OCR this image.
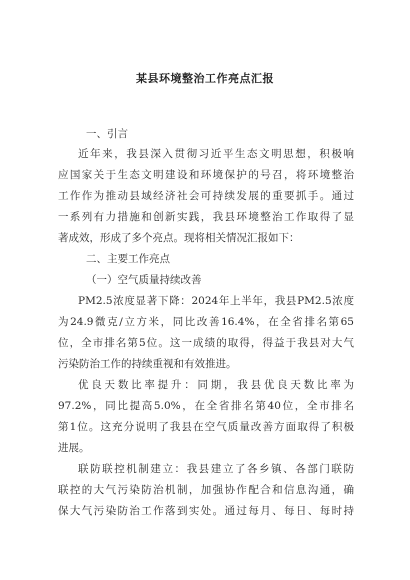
某县环境整治工作亮点汇报
一、引言
近年来，我县深入贯彻习近平生态文明思想，积极响
应国家关于生态文明建设和环境保护的号召，将环境整治
工作作为推动县域经济社会可持续发展的重要抓手。通过
一系列有力措施和创新实践，我县环境整治工作取得了显
著成效，形成了多个亮点。现将相关情况汇报如下：
二、主要工作亮点
（一）空气质量持续改善
PM2.5浓度显著下降：2024年上半年，我县PM2.5浓度
为24.9微克/立方米，同比改善16.4%，在全省排名第65
位，全市排名第5位。这一成绩的取得，得益于我县对大气
污染防治工作的持续重视和有效推进。
优良天数比率提升：同期，我县优良天数比率为
97.2%，同比提高5.0%，在全省排名第40位，全市排名
第1位。这充分说明了我县在空气质量改善方面取得了积极
进展。
联防联控机制建立：我县建立了各乡镇、各部门联防
联控的大气污染防治机制，加强协作配合和信息沟通，确
保大气污染防治工作落到实处。通过每月、每日、每时持
